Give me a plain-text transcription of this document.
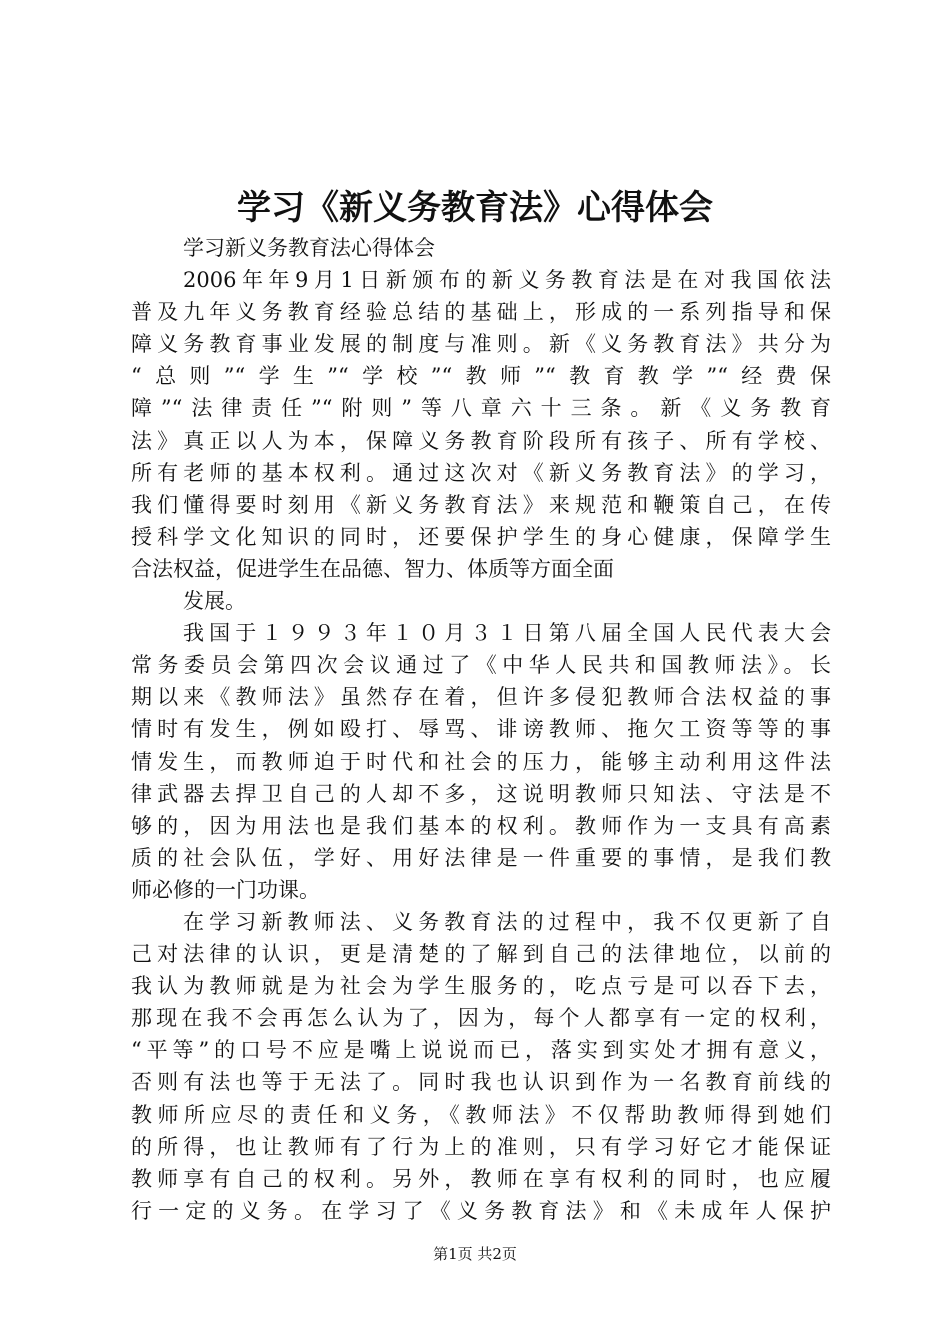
学习《新义务教育法》心得体会
学习新义务教育法心得体会
2006年年9月1日新颁布的新义务教育法是在对我国依法
普及九年义务教育经验总结的基础上，形成的一系列指导和保
障义务教育事业发展的制度与准则。新《义务教育法》共分为
“总则”“学生”“学校”“教师”“教育教学”“经费保
障”“法律责任”“附则”等八章六十三条。新《义务教育
法》真正以人为本，保障义务教育阶段所有孩子、所有学校、
所有老师的基本权利。通过这次对《新义务教育法》的学习，
我们懂得要时刻用《新义务教育法》来规范和鞭策自己，在传
授科学文化知识的同时，还要保护学生的身心健康，保障学生
合法权益，促进学生在品德、智力、体质等方面全面
发展。
我国于１９９３年１０月３１日第八届全国人民代表大会
常务委员会第四次会议通过了《中华人民共和国教师法》。长
期以来《教师法》虽然存在着，但许多侵犯教师合法权益的事
情时有发生，例如殴打、辱骂、诽谤教师、拖欠工资等等的事
情发生，而教师迫于时代和社会的压力，能够主动利用这件法
律武器去捍卫自己的人却不多，这说明教师只知法、守法是不
够的，因为用法也是我们基本的权利。教师作为一支具有高素
质的社会队伍，学好、用好法律是一件重要的事情，是我们教
师必修的一门功课。
在学习新教师法、义务教育法的过程中，我不仅更新了自
己对法律的认识，更是清楚的了解到自己的法律地位，以前的
我认为教师就是为社会为学生服务的，吃点亏是可以吞下去，
那现在我不会再怎么认为了，因为，每个人都享有一定的权利，
“平等”的口号不应是嘴上说说而已，落实到实处才拥有意义，
否则有法也等于无法了。同时我也认识到作为一名教育前线的
教师所应尽的责任和义务，《教师法》不仅帮助教师得到她们
的所得，也让教师有了行为上的准则，只有学习好它才能保证
教师享有自己的权利。另外，教师在享有权利的同时，也应履
行一定的义务。在学习了《义务教育法》和《未成年人保护
第1页 共2页
